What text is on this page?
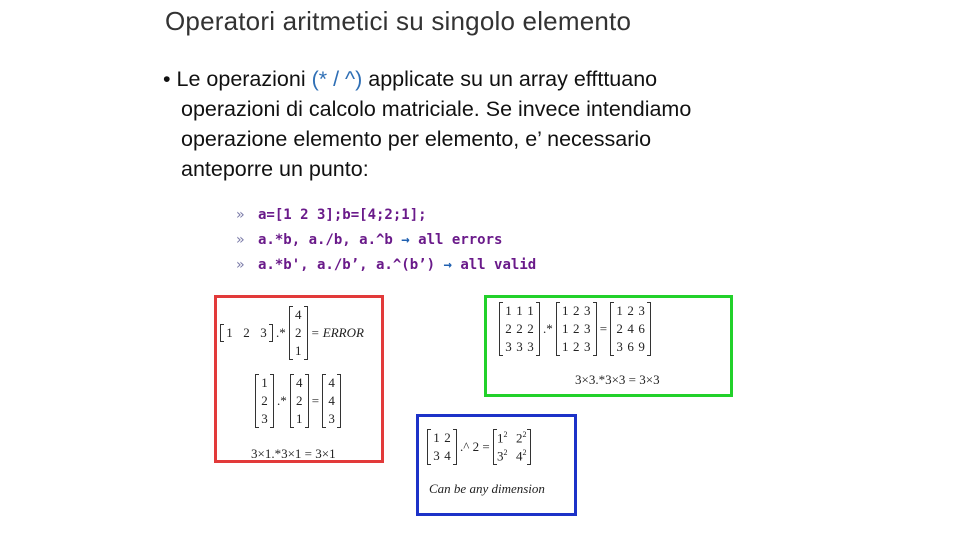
Operatori aritmetici su singolo elemento
• Le operazioni (* / ^) applicate su un array effttuano
operazioni di calcolo matriciale. Se invece intendiamo
operazione elemento per elemento, e’ necessario
anteporre un punto:
» a=[1 2 3];b=[4;2;1];
» a.*b, a./b, a.^b
→
all errors
» a.*b', a./b’, a.^(b’)
→
all valid
1 2 3 .*
4
2
1
= ERROR
1
2
3
.*
4
2
1
=
4
4
3
3×1.*3×1 = 3×1
1 1 1
2 2 2
3 3 3
.*
1 2 3
1 2 3
1 2 3
=
1 2 3
2 4 6
3 6 9
3×3.*3×3 = 3×3
1 2
3 4
.^ 2 =
$1^2$ $2^2$
$3^2$ $4^2$
Can be any dimension
